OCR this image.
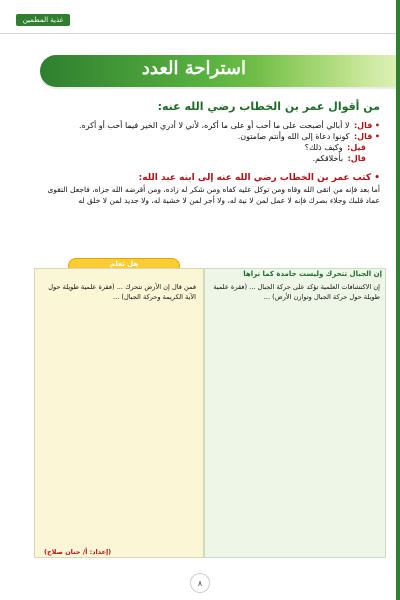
غذية المطمين
استراحة العدد
من أقوال عمر بن الخطاب رضي الله عنه:
• قال: لا أبالي أصبحت على ما أحب أو على ما أكره، لأني لا أدري الخير فيما أحب أو أكره.
• قال: كونوا دعاة إلى الله وأنتم صامتون.
قيل: وكيف ذلك؟
قال: بأخلاقكم.
• كتب عمر بن الخطاب رضي الله عنه إلى ابنه عبد الله:
أما بعد فإنه من اتقى الله وقاه ومن توكل عليه كفاه ومن شكر له زاده، ومن أقرضه الله جزاه، فاجعل التقوى
عماد قلبك وجلاء بصرك فإنه لا عمل لمن لا نية له، ولا أجر لمن لا خشية له، ولا جديد لمن لا خلق له
هل تعلم
فمن قال إن الأرض تتحرك ... (فقرة علمية طويلة حول الآية الكريمة وحركة الجبال) ...
(إعداد: أ/ حنان صلاح)
إن الجبال تتحرك وليست جامدة كما نراها
إن الاكتشافات العلمية تؤكد على حركة الجبال ... (فقرة علمية طويلة حول حركة الجبال وتوازن الأرض) ...
٨
